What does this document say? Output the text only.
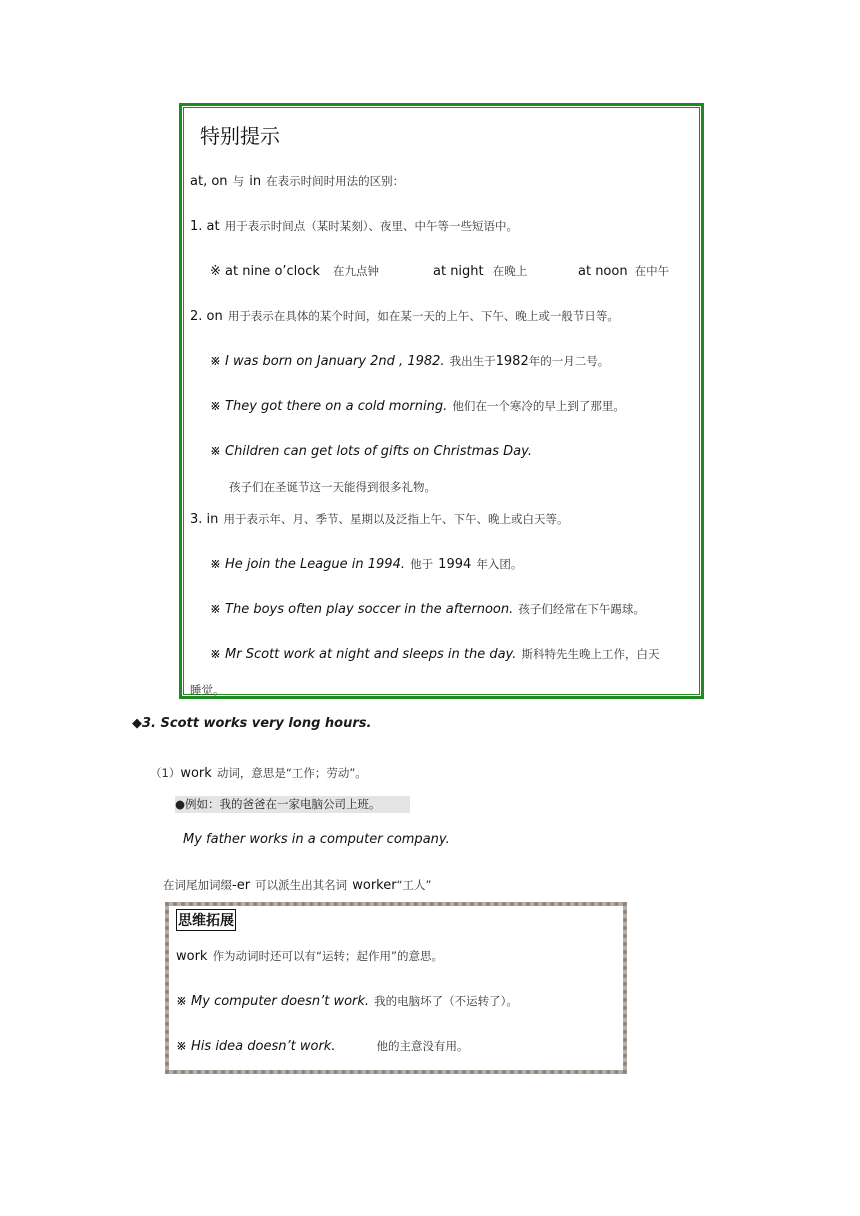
特别提示
at, on 与 in 在表示时间时用法的区别：
1. at 用于表示时间点（某时某刻）、夜里、中午等一些短语中。
※ at nine o’clock 在九点钟	at night 在晚上	at noon 在中午
2. on 用于表示在具体的某个时间，如在某一天的上午、下午、晚上或一般节日等。
※ I was born on January 2nd , 1982. 我出生于1982年的一月二号。
※ They got there on a cold morning. 他们在一个寒冷的早上到了那里。
※ Children can get lots of gifts on Christmas Day.
孩子们在圣诞节这一天能得到很多礼物。
3. in 用于表示年、月、季节、星期以及泛指上午、下午、晚上或白天等。
※ He join the League in 1994. 他于 1994 年入团。
※ The boys often play soccer in the afternoon. 孩子们经常在下午踢球。
※ Mr Scott work at night and sleeps in the day. 斯科特先生晚上工作，白天
睡觉。
◆3. Scott works very long hours.
（1）work 动词，意思是“工作；劳动”。
●例如：我的爸爸在一家电脑公司上班。
My father works in a computer company.
在词尾加词缀-er 可以派生出其名词 worker“工人”
思维拓展
work 作为动词时还可以有“运转；起作用”的意思。
※ My computer doesn’t work. 我的电脑坏了（不运转了）。
※ His idea doesn’t work.	他的主意没有用。
